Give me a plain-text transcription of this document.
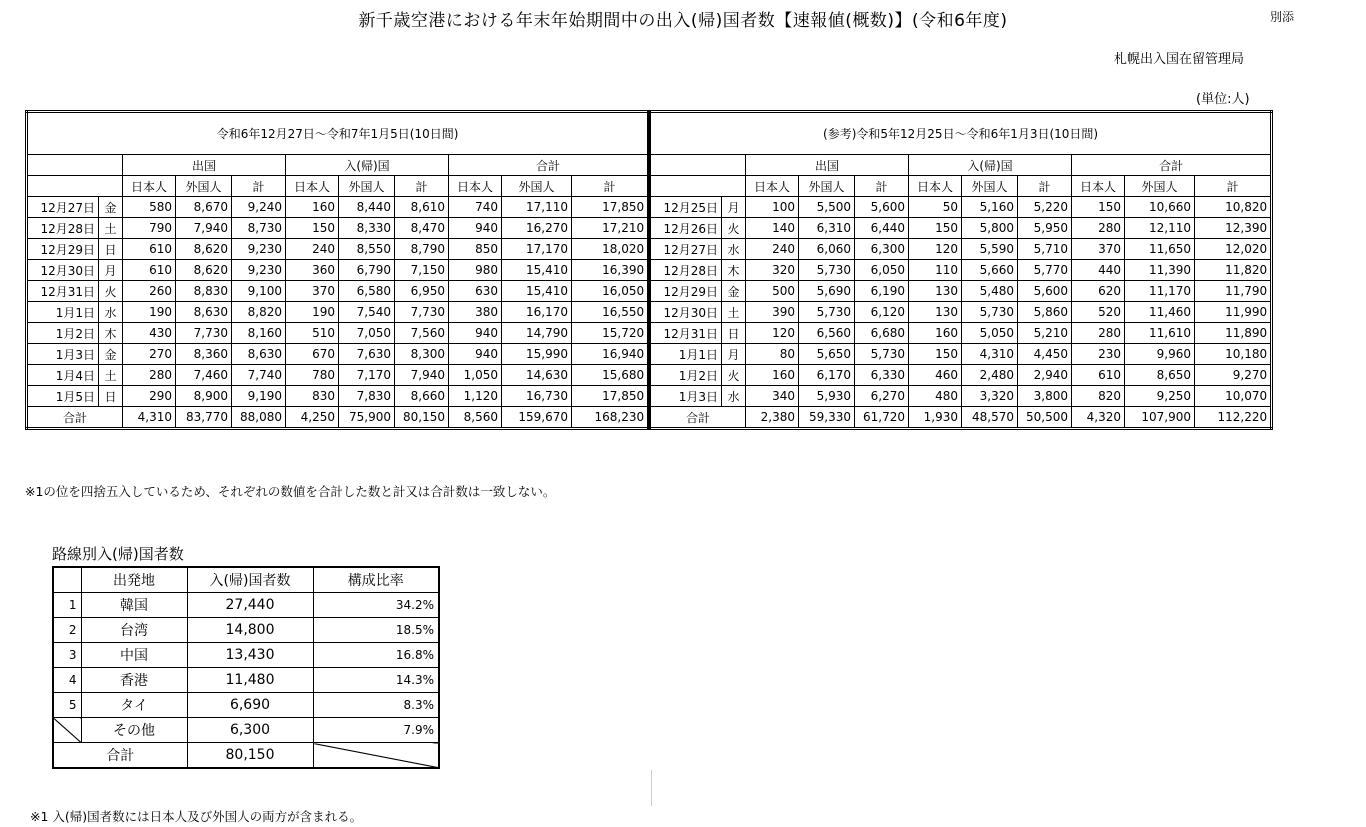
新千歳空港における年末年始期間中の出入(帰)国者数【速報値(概数)】(令和6年度)	別添
札幌出入国在留管理局
(単位:人)
令和6年12月27日～令和7年1月5日(10日間)										
		出国			入(帰)国			合計		
		日本人	外国人	計	日本人	外国人	計	日本人	外国人	計
12月27日	金	580	8,670	9,240	160	8,440	8,610	740	17,110	17,850
12月28日	土	790	7,940	8,730	150	8,330	8,470	940	16,270	17,210
12月29日	日	610	8,620	9,230	240	8,550	8,790	850	17,170	18,020
12月30日	月	610	8,620	9,230	360	6,790	7,150	980	15,410	16,390
12月31日	火	260	8,830	9,100	370	6,580	6,950	630	15,410	16,050
1月1日	水	190	8,630	8,820	190	7,540	7,730	380	16,170	16,550
1月2日	木	430	7,730	8,160	510	7,050	7,560	940	14,790	15,720
1月3日	金	270	8,360	8,630	670	7,630	8,300	940	15,990	16,940
1月4日	土	280	7,460	7,740	780	7,170	7,940	1,050	14,630	15,680
1月5日	日	290	8,900	9,190	830	7,830	8,660	1,120	16,730	17,850
合計		4,310	83,770	88,080	4,250	75,900	80,150	8,560	159,670	168,230
(参考)令和5年12月25日～令和6年1月3日(10日間)										
		出国			入(帰)国			合計		
		日本人	外国人	計	日本人	外国人	計	日本人	外国人	計
12月25日	月	100	5,500	5,600	50	5,160	5,220	150	10,660	10,820
12月26日	火	140	6,310	6,440	150	5,800	5,950	280	12,110	12,390
12月27日	水	240	6,060	6,300	120	5,590	5,710	370	11,650	12,020
12月28日	木	320	5,730	6,050	110	5,660	5,770	440	11,390	11,820
12月29日	金	500	5,690	6,190	130	5,480	5,600	620	11,170	11,790
12月30日	土	390	5,730	6,120	130	5,730	5,860	520	11,460	11,990
12月31日	日	120	6,560	6,680	160	5,050	5,210	280	11,610	11,890
1月1日	月	80	5,650	5,730	150	4,310	4,450	230	9,960	10,180
1月2日	火	160	6,170	6,330	460	2,480	2,940	610	8,650	9,270
1月3日	水	340	5,930	6,270	480	3,320	3,800	820	9,250	10,070
合計		2,380	59,330	61,720	1,930	48,570	50,500	4,320	107,900	112,220
※1の位を四捨五入しているため、それぞれの数値を合計した数と計又は合計数は一致しない。
路線別入(帰)国者数
	出発地	入(帰)国者数	構成比率
1	韓国	27,440	34.2%
2	台湾	14,800	18.5%
3	中国	13,430	16.8%
4	香港	11,480	14.3%
5	タイ	6,690	8.3%
	その他	6,300	7.9%
合計		80,150	
※1 入(帰)国者数には日本人及び外国人の両方が含まれる。
